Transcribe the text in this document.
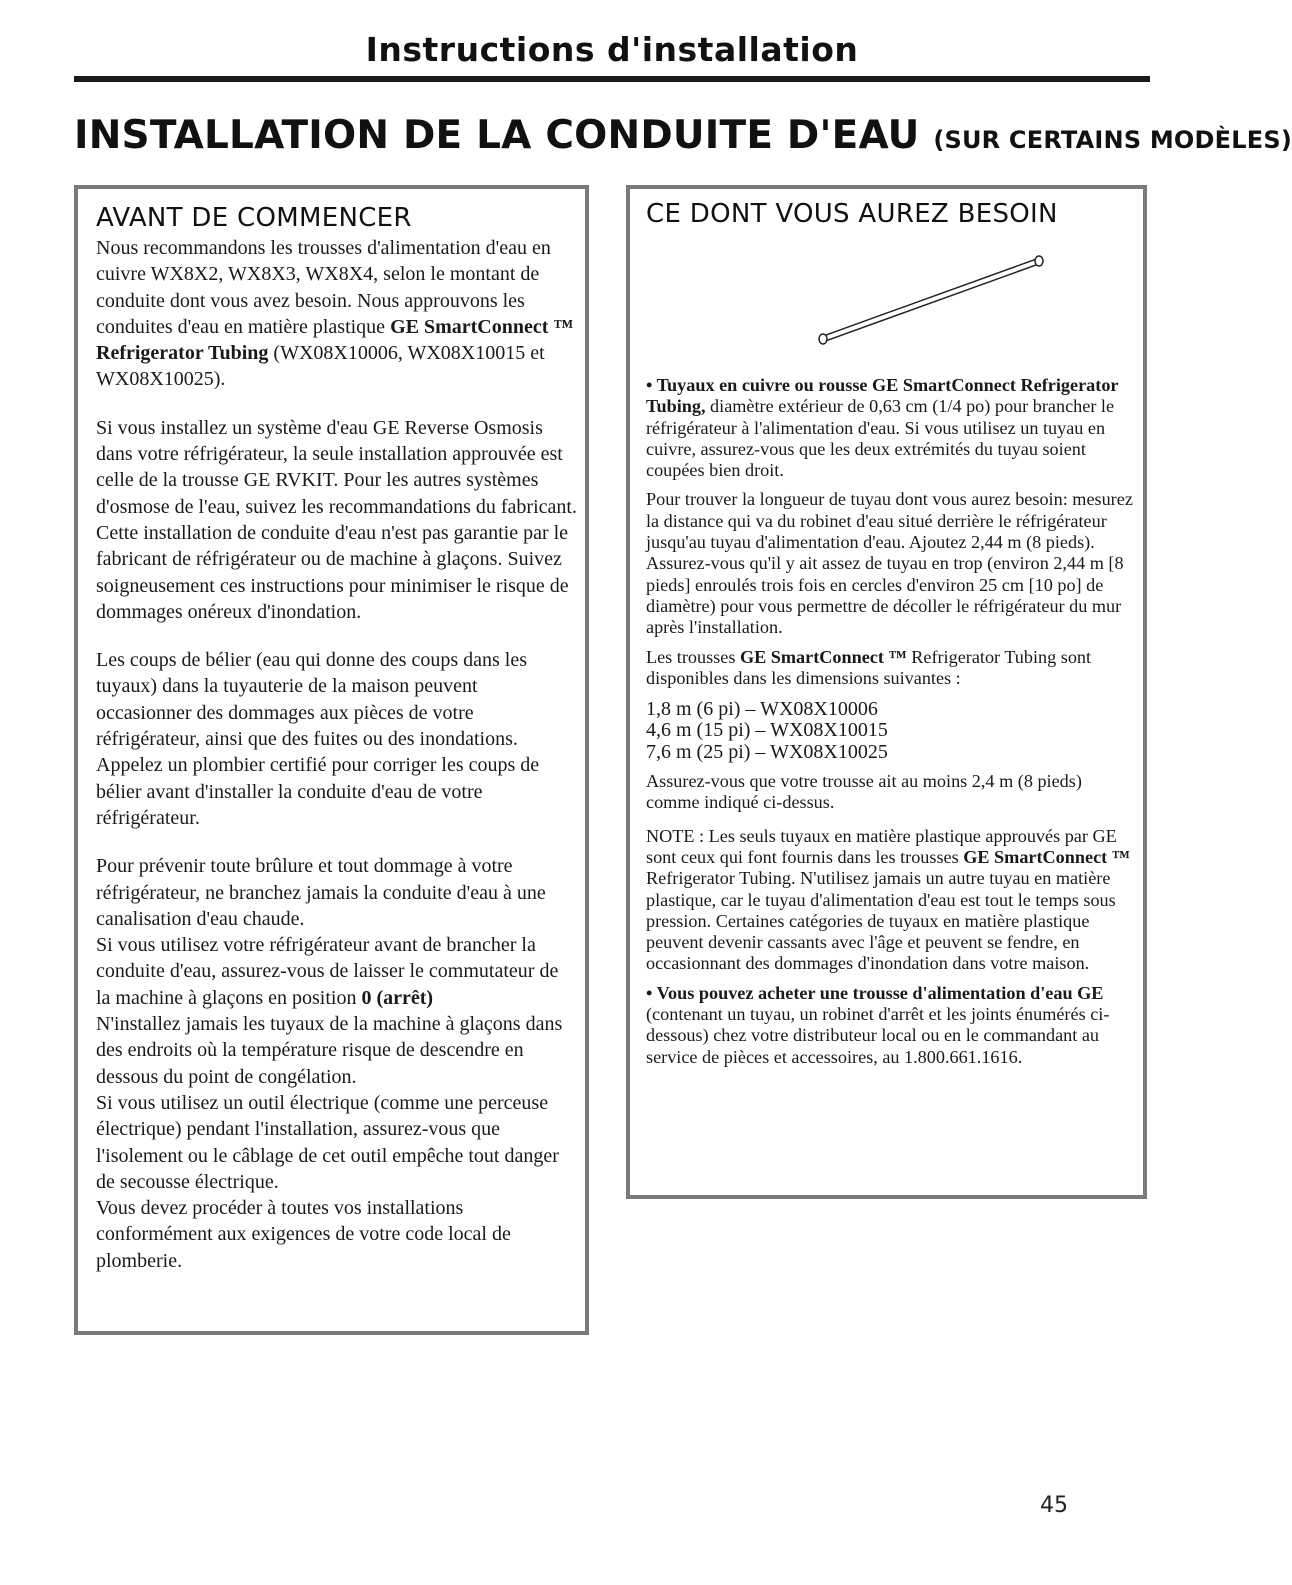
Instructions d'installation
INSTALLATION DE LA CONDUITE D'EAU (SUR CERTAINS MODÈLES)
AVANT DE COMMENCER

Nous recommandons les trousses d'alimentation d'eau en cuivre WX8X2, WX8X3, WX8X4, selon le montant de conduite dont vous avez besoin. Nous approuvons les conduites d'eau en matière plastique GE SmartConnect ™ Refrigerator Tubing (WX08X10006, WX08X10015 et WX08X10025).

Si vous installez un système d'eau GE Reverse Osmosis dans votre réfrigérateur, la seule installation approuvée est celle de la trousse GE RVKIT. Pour les autres systèmes d'osmose de l'eau, suivez les recommandations du fabricant.

Cette installation de conduite d'eau n'est pas garantie par le fabricant de réfrigérateur ou de machine à glaçons. Suivez soigneusement ces instructions pour minimiser le risque de dommages onéreux d'inondation.

Les coups de bélier (eau qui donne des coups dans les tuyaux) dans la tuyauterie de la maison peuvent occasionner des dommages aux pièces de votre réfrigérateur, ainsi que des fuites ou des inondations.

Appelez un plombier certifié pour corriger les coups de bélier avant d'installer la conduite d'eau de votre réfrigérateur.

Pour prévenir toute brûlure et tout dommage à votre réfrigérateur, ne branchez jamais la conduite d'eau à une canalisation d'eau chaude.

Si vous utilisez votre réfrigérateur avant de brancher la conduite d'eau, assurez-vous de laisser le commutateur de la machine à glaçons en position 0 (arrêt)

N'installez jamais les tuyaux de la machine à glaçons dans des endroits où la température risque de descendre en dessous du point de congélation.

Si vous utilisez un outil électrique (comme une perceuse électrique) pendant l'installation, assurez-vous que l'isolement ou le câblage de cet outil empêche tout danger de secousse électrique.

Vous devez procéder à toutes vos installations conformément aux exigences de votre code local de plomberie.

CE DONT VOUS AUREZ BESOIN

• Tuyaux en cuivre ou rousse GE SmartConnect Refrigerator Tubing, diamètre extérieur de 0,63 cm (1/4 po) pour brancher le réfrigérateur à l'alimentation d'eau. Si vous utilisez un tuyau en cuivre, assurez-vous que les deux extrémités du tuyau soient coupées bien droit.

Pour trouver la longueur de tuyau dont vous aurez besoin: mesurez la distance qui va du robinet d'eau situé derrière le réfrigérateur jusqu'au tuyau d'alimentation d'eau. Ajoutez 2,44 m (8 pieds). Assurez-vous qu'il y ait assez de tuyau en trop (environ 2,44 m [8 pieds] enroulés trois fois en cercles d'environ 25 cm [10 po] de diamètre) pour vous permettre de décoller le réfrigérateur du mur après l'installation.

Les trousses GE SmartConnect ™ Refrigerator Tubing sont disponibles dans les dimensions suivantes :

1,8 m (6 pi) – WX08X10006
4,6 m (15 pi) – WX08X10015
7,6 m (25 pi) – WX08X10025

Assurez-vous que votre trousse ait au moins 2,4 m (8 pieds) comme indiqué ci-dessus.

NOTE : Les seuls tuyaux en matière plastique approuvés par GE sont ceux qui font fournis dans les trousses GE SmartConnect ™ Refrigerator Tubing. N'utilisez jamais un autre tuyau en matière plastique, car le tuyau d'alimentation d'eau est tout le temps sous pression. Certaines catégories de tuyaux en matière plastique peuvent devenir cassants avec l'âge et peuvent se fendre, en occasionnant des dommages d'inondation dans votre maison.

• Vous pouvez acheter une trousse d'alimentation d'eau GE (contenant un tuyau, un robinet d'arrêt et les joints énumérés ci-dessous) chez votre distributeur local ou en le commandant au service de pièces et accessoires, au 1.800.661.1616.

45
